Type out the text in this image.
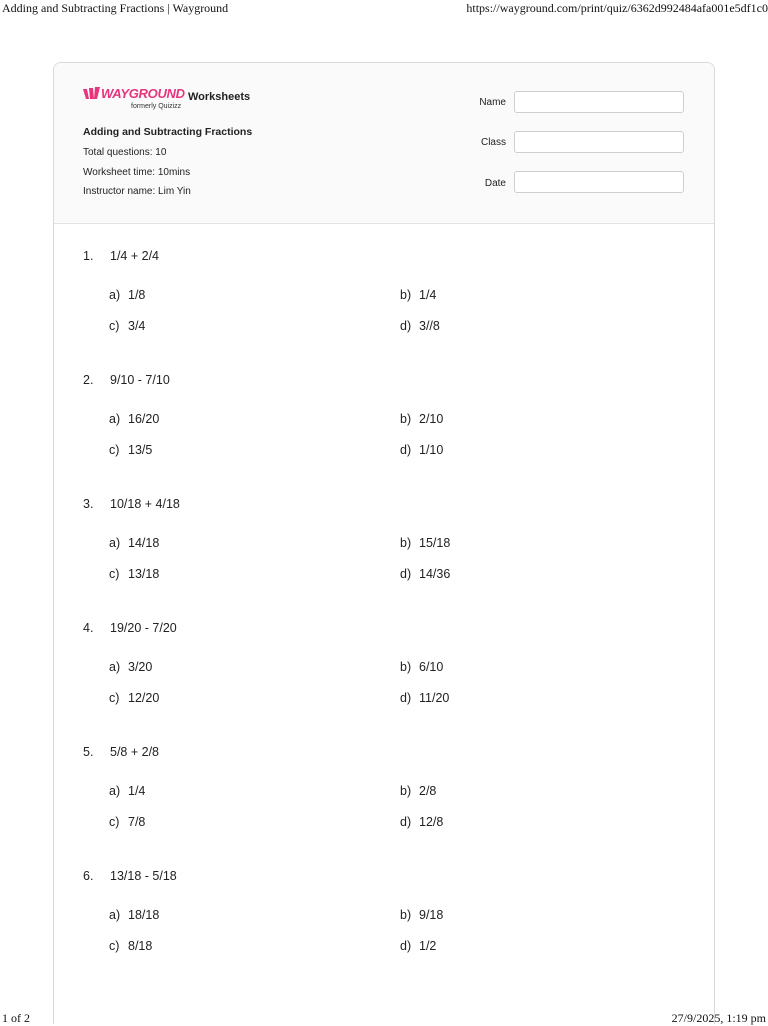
Adding and Subtracting Fractions | Wayground	https://wayground.com/print/quiz/6362d992484afa001e5df1c0
WAYGROUND
formerly Quizizz
Worksheets
Adding and Subtracting Fractions
Total questions: 10
Worksheet time: 10mins
Instructor name: Lim Yin
Name
Class
Date
1. 1/4 + 2/4
a) 1/8	b) 1/4
c) 3/4	d) 3//8
2. 9/10 - 7/10
a) 16/20	b) 2/10
c) 13/5	d) 1/10
3. 10/18 + 4/18
a) 14/18	b) 15/18
c) 13/18	d) 14/36
4. 19/20 - 7/20
a) 3/20	b) 6/10
c) 12/20	d) 11/20
5. 5/8 + 2/8
a) 1/4	b) 2/8
c) 7/8	d) 12/8
6. 13/18 - 5/18
a) 18/18	b) 9/18
c) 8/18	d) 1/2
1 of 2	27/9/2025, 1:19 pm
